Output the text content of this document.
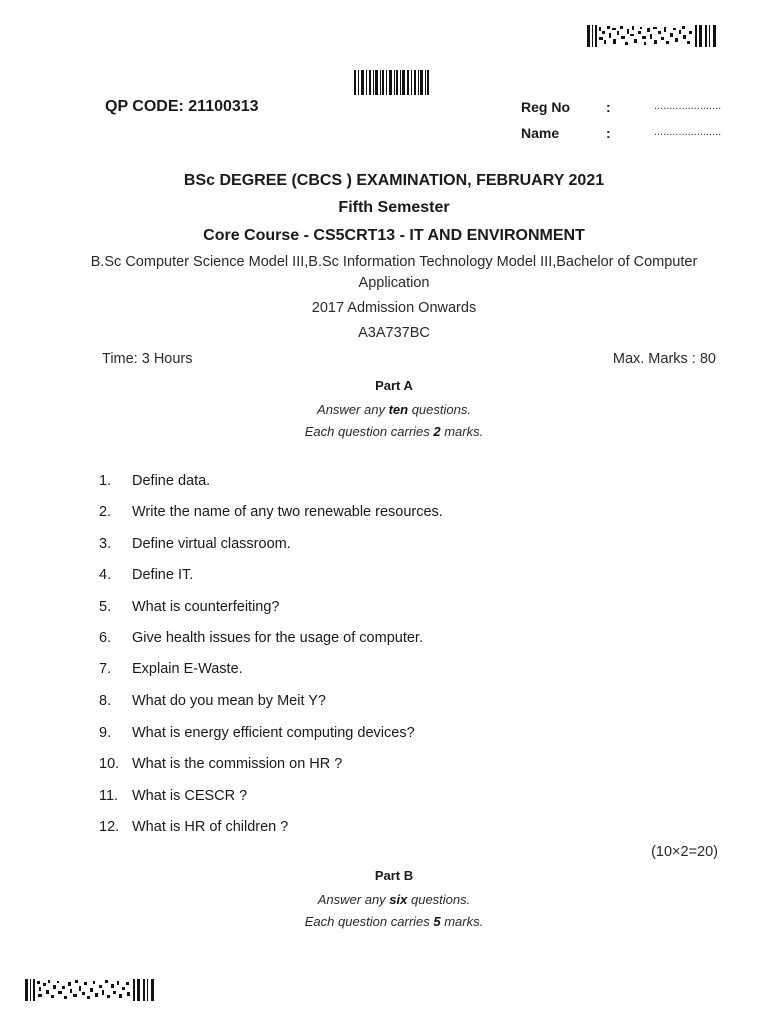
QP CODE: 21100313	Reg No	:	......................
Name	:	......................
BSc DEGREE (CBCS ) EXAMINATION, FEBRUARY 2021
Fifth Semester
Core Course - CS5CRT13 - IT AND ENVIRONMENT
B.Sc Computer Science Model III,B.Sc Information Technology Model III,Bachelor of Computer
Application
2017 Admission Onwards
A3A737BC
Time: 3 Hours	Max. Marks : 80
Part A
Answer any ten questions.
Each question carries 2 marks.
1. Define data.
2. Write the name of any two renewable resources.
3. Define virtual classroom.
4. Define IT.
5. What is counterfeiting?
6. Give health issues for the usage of computer.
7. Explain E-Waste.
8. What do you mean by Meit Y?
9. What is energy efficient computing devices?
10. What is the commission on HR ?
11. What is CESCR ?
12. What is HR of children ?
(10×2=20)
Part B
Answer any six questions.
Each question carries 5 marks.
